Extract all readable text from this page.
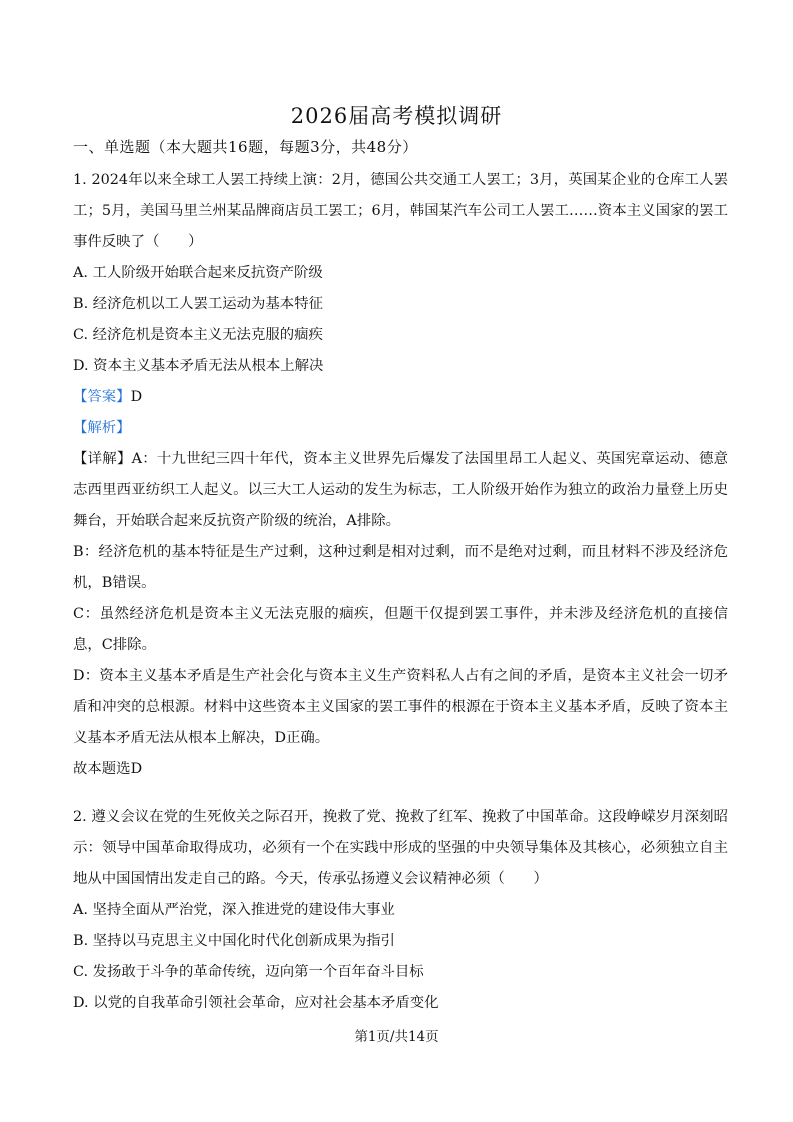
2026届高考模拟调研
一、单选题（本大题共16题，每题3分，共48分）

1. 2024年以来全球工人罢工持续上演：2月，德国公共交通工人罢工；3月，英国某企业的仓库工人罢工；5月，美国马里兰州某品牌商店员工罢工；6月，韩国某汽车公司工人罢工……资本主义国家的罢工事件反映了（　　）

A. 工人阶级开始联合起来反抗资产阶级

B. 经济危机以工人罢工运动为基本特征

C. 经济危机是资本主义无法克服的痼疾

D. 资本主义基本矛盾无法从根本上解决

【答案】D

【解析】

【详解】A：十九世纪三四十年代，资本主义世界先后爆发了法国里昂工人起义、英国宪章运动、德意志西里西亚纺织工人起义。以三大工人运动的发生为标志，工人阶级开始作为独立的政治力量登上历史舞台，开始联合起来反抗资产阶级的统治，A排除。

B：经济危机的基本特征是生产过剩，这种过剩是相对过剩，而不是绝对过剩，而且材料不涉及经济危机，B错误。

C：虽然经济危机是资本主义无法克服的痼疾，但题干仅提到罢工事件，并未涉及经济危机的直接信息，C排除。

D：资本主义基本矛盾是生产社会化与资本主义生产资料私人占有之间的矛盾，是资本主义社会一切矛盾和冲突的总根源。材料中这些资本主义国家的罢工事件的根源在于资本主义基本矛盾，反映了资本主义基本矛盾无法从根本上解决，D正确。

故本题选D

2. 遵义会议在党的生死攸关之际召开，挽救了党、挽救了红军、挽救了中国革命。这段峥嵘岁月深刻昭示：领导中国革命取得成功，必须有一个在实践中形成的坚强的中央领导集体及其核心，必须独立自主地从中国国情出发走自己的路。今天，传承弘扬遵义会议精神必须（　　）

A. 坚持全面从严治党，深入推进党的建设伟大事业

B. 坚持以马克思主义中国化时代化创新成果为指引

C. 发扬敢于斗争的革命传统，迈向第一个百年奋斗目标

D. 以党的自我革命引领社会革命，应对社会基本矛盾变化

第1页/共14页
